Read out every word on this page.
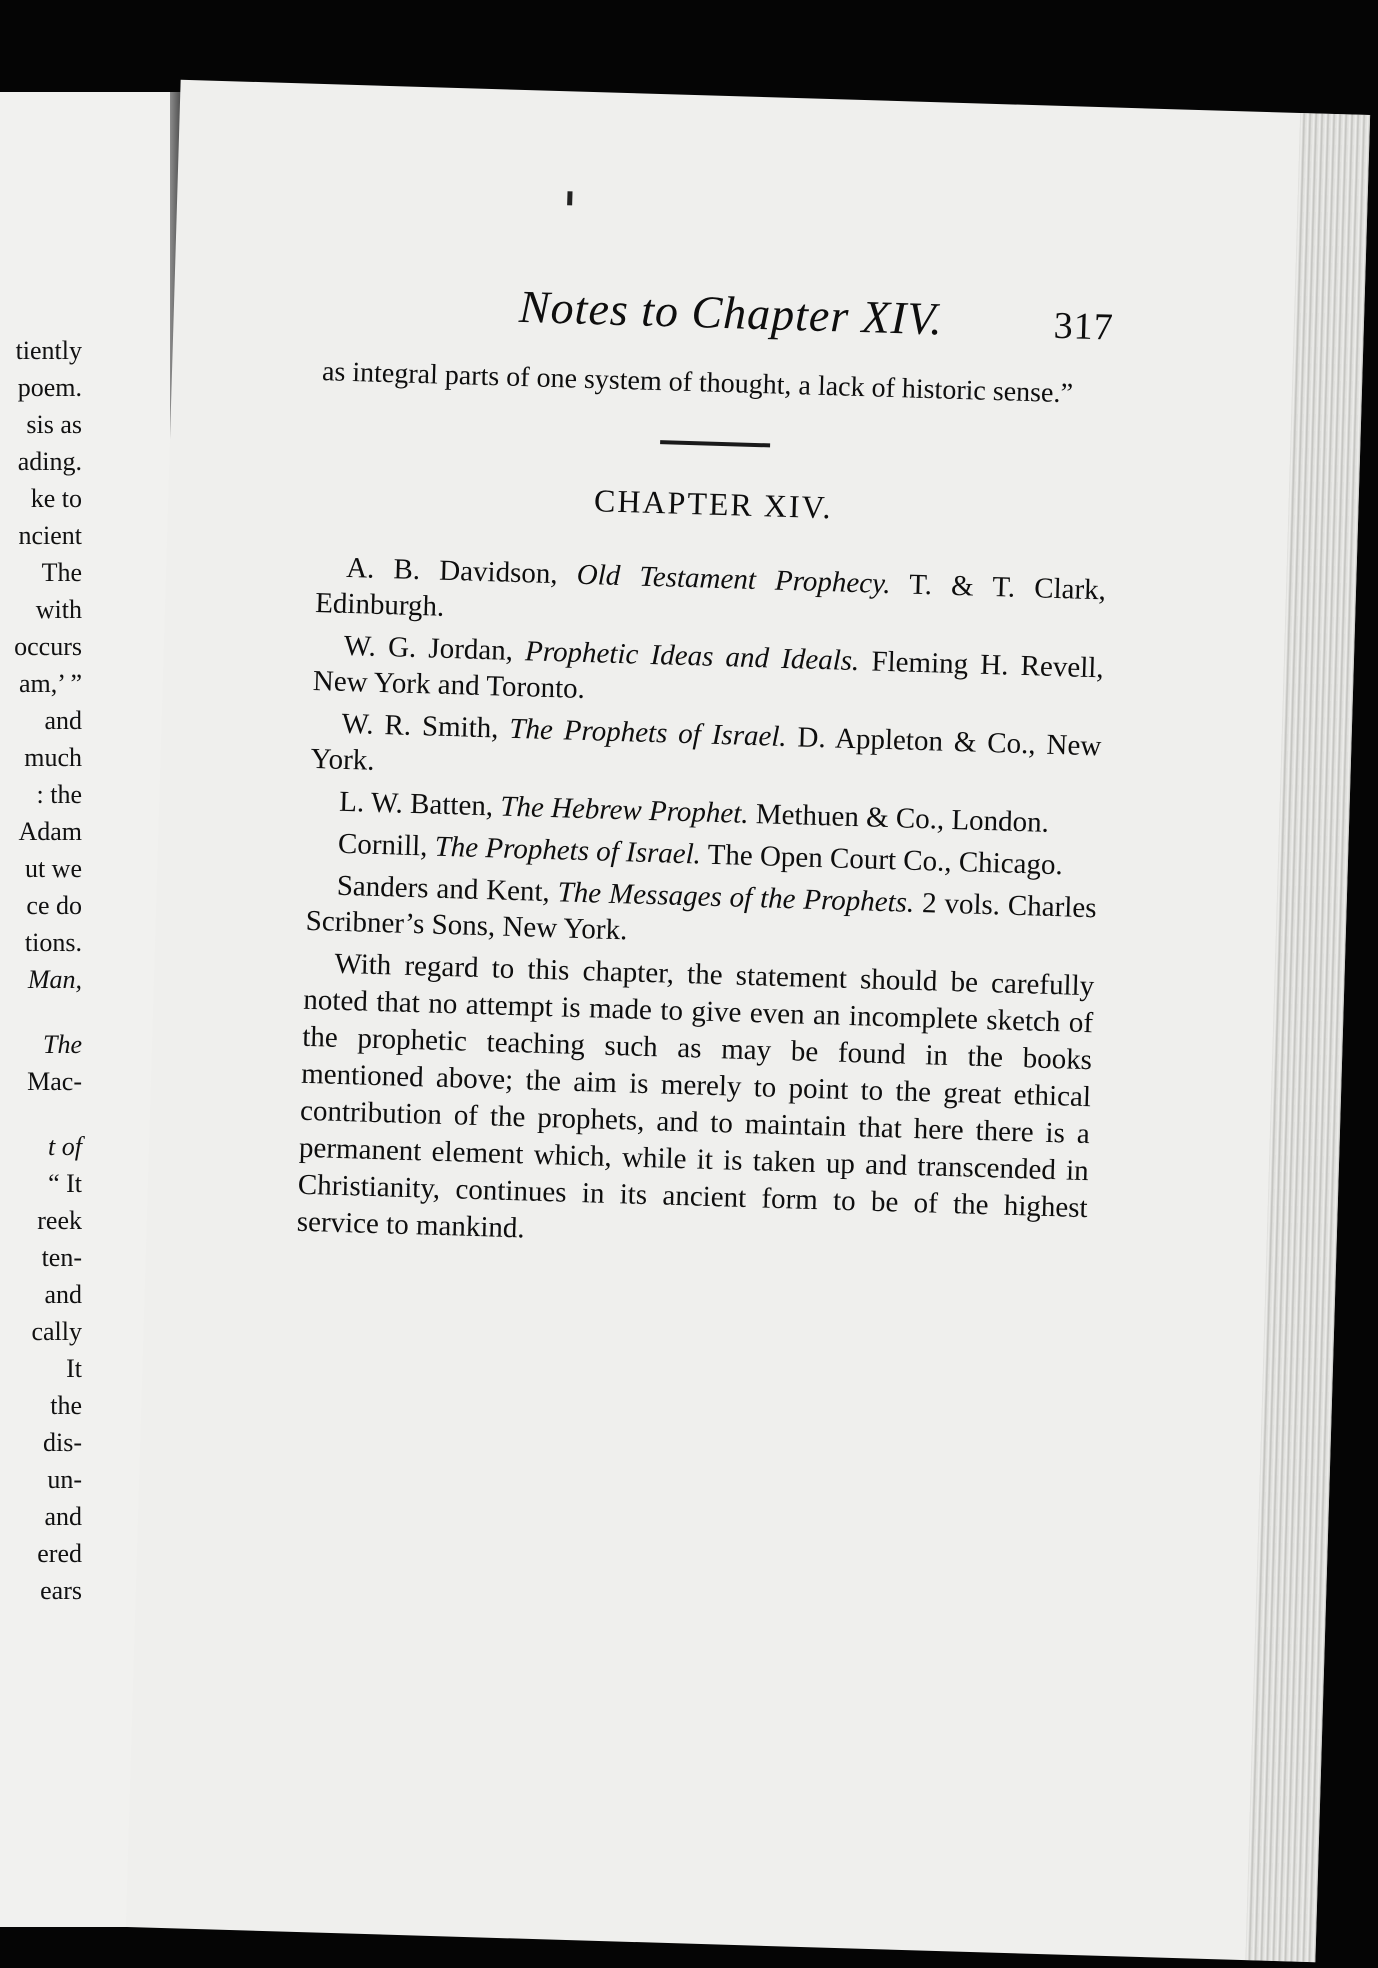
tiently
poem.
sis as
ading.
ke to
ncient
The
with
occurs
am,’ ”
and
much
: the
Adam
ut we
ce do
tions.
Man,
The
Mac-
t of
“ It
reek
ten-
and
cally
It
the
dis-
un-
and
ered
ears
Notes to Chapter XIV.	317

as integral parts of one system of thought, a lack of historic sense.”

CHAPTER XIV.
A. B. Davidson, Old Testament Prophecy. T. & T. Clark, Edinburgh.
W. G. Jordan, Prophetic Ideas and Ideals. Fleming H. Revell, New York and Toronto.
W. R. Smith, The Prophets of Israel. D. Appleton & Co., New York.
L. W. Batten, The Hebrew Prophet. Methuen & Co., London.
Cornill, The Prophets of Israel. The Open Court Co., Chicago.
Sanders and Kent, The Messages of the Prophets. 2 vols. Charles Scribner’s Sons, New York.

With regard to this chapter, the statement should be carefully noted that no attempt is made to give even an incomplete sketch of the prophetic teaching such as may be found in the books mentioned above; the aim is merely to point to the great ethical contribution of the prophets, and to maintain that here there is a permanent element which, while it is taken up and transcended in Christianity, continues in its ancient form to be of the highest service to mankind.
